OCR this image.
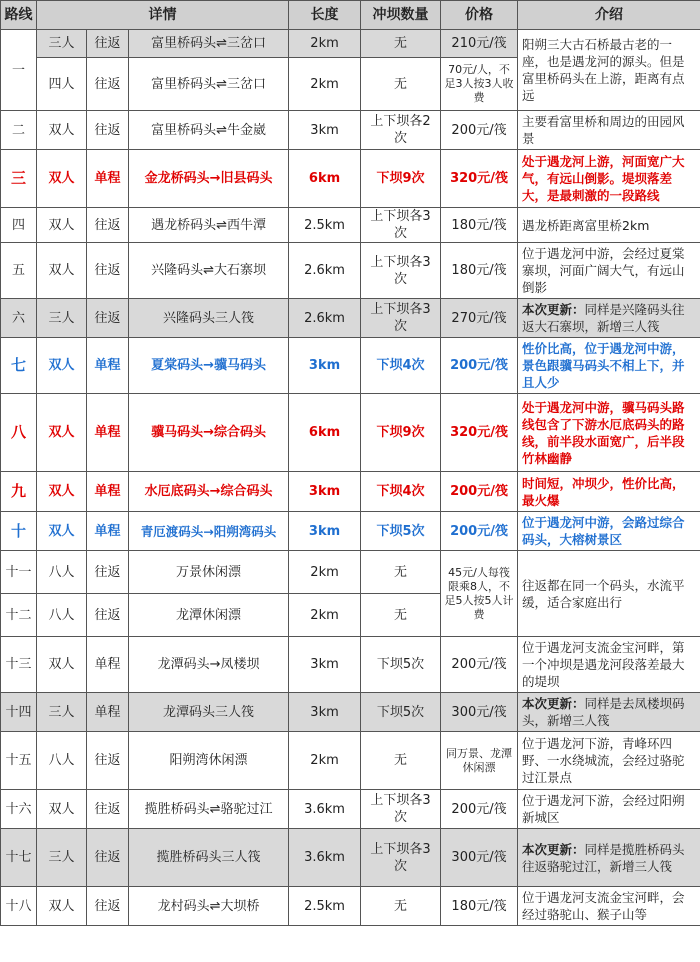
路线	详情			长度	冲坝数量	价格	介绍
一	三人	往返	富里桥码头⇌三岔口	2km	无	210元/筏	阳朔三大古石桥最古老的一座，也是遇龙河的源头。但是富里桥码头在上游，距离有点远
	四人	往返	富里桥码头⇌三岔口	2km	无	70元/人，不足3人按3人收费	
二	双人	往返	富里桥码头⇌牛金崴	3km	上下坝各2次	200元/筏	主要看富里桥和周边的田园风景
三	双人	单程	金龙桥码头→旧县码头	6km	下坝9次	320元/筏	处于遇龙河上游，河面宽广大气，有远山倒影。堤坝落差大，是最刺激的一段路线
四	双人	往返	遇龙桥码头⇌西牛潭	2.5km	上下坝各3次	180元/筏	遇龙桥距离富里桥2km
五	双人	往返	兴隆码头⇌大石寨坝	2.6km	上下坝各3次	180元/筏	位于遇龙河中游，会经过夏棠寨坝，河面广阔大气，有远山倒影
六	三人	往返	兴隆码头三人筏	2.6km	上下坝各3次	270元/筏	本次更新：同样是兴隆码头往返大石寨坝，新增三人筏
七	双人	单程	夏棠码头→骥马码头	3km	下坝4次	200元/筏	性价比高，位于遇龙河中游，景色跟骥马码头不相上下，并且人少
八	双人	单程	骥马码头→综合码头	6km	下坝9次	320元/筏	处于遇龙河中游，骥马码头路线包含了下游水厄底码头的路线，前半段水面宽广，后半段竹林幽静
九	双人	单程	水厄底码头→综合码头	3km	下坝4次	200元/筏	时间短，冲坝少，性价比高，最火爆
十	双人	单程	青厄渡码头→阳朔湾码头	3km	下坝5次	200元/筏	位于遇龙河中游，会路过综合码头，大榕树景区
十一	八人	往返	万景休闲漂	2km	无	45元/人每筏限乘8人，不足5人按5人计费	往返都在同一个码头，水流平缓，适合家庭出行
十二	八人	往返	龙潭休闲漂	2km	无		
十三	双人	单程	龙潭码头→凤楼坝	3km	下坝5次	200元/筏	位于遇龙河支流金宝河畔，第一个冲坝是遇龙河段落差最大的堤坝
十四	三人	单程	龙潭码头三人筏	3km	下坝5次	300元/筏	本次更新：同样是去凤楼坝码头，新增三人筏
十五	八人	往返	阳朔湾休闲漂	2km	无	同万景、龙潭休闲漂	位于遇龙河下游，青峰环四野、一水绕城流，会经过骆驼过江景点
十六	双人	往返	揽胜桥码头⇌骆驼过江	3.6km	上下坝各3次	200元/筏	位于遇龙河下游，会经过阳朔新城区
十七	三人	往返	揽胜桥码头三人筏	3.6km	上下坝各3次	300元/筏	本次更新：同样是揽胜桥码头往返骆驼过江，新增三人筏
十八	双人	往返	龙村码头⇌大坝桥	2.5km	无	180元/筏	位于遇龙河支流金宝河畔，会经过骆驼山、猴子山等
